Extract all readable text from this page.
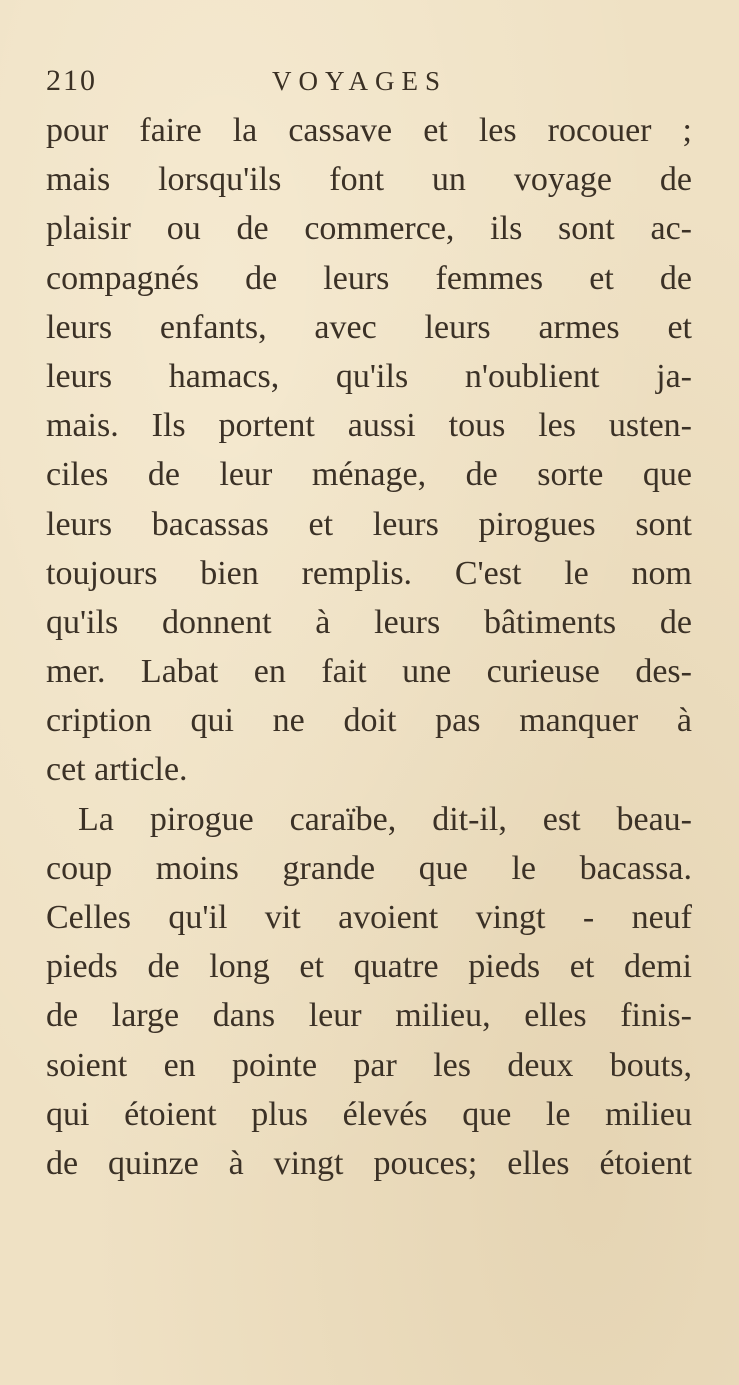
210	VOYAGES
pour faire la cassave et les rocouer ;
mais lorsqu'ils font un voyage de
plaisir ou de commerce, ils sont ac-
compagnés de leurs femmes et de
leurs enfants, avec leurs armes et
leurs hamacs, qu'ils n'oublient ja-
mais. Ils portent aussi tous les usten-
ciles de leur ménage, de sorte que
leurs bacassas et leurs pirogues sont
toujours bien remplis. C'est le nom
qu'ils donnent à leurs bâtiments de
mer. Labat en fait une curieuse des-
cription qui ne doit pas manquer à
cet article.
La pirogue caraïbe, dit-il, est beau-
coup moins grande que le bacassa.
Celles qu'il vit avoient vingt - neuf
pieds de long et quatre pieds et demi
de large dans leur milieu, elles finis-
soient en pointe par les deux bouts,
qui étoient plus élevés que le milieu
de quinze à vingt pouces; elles étoient
